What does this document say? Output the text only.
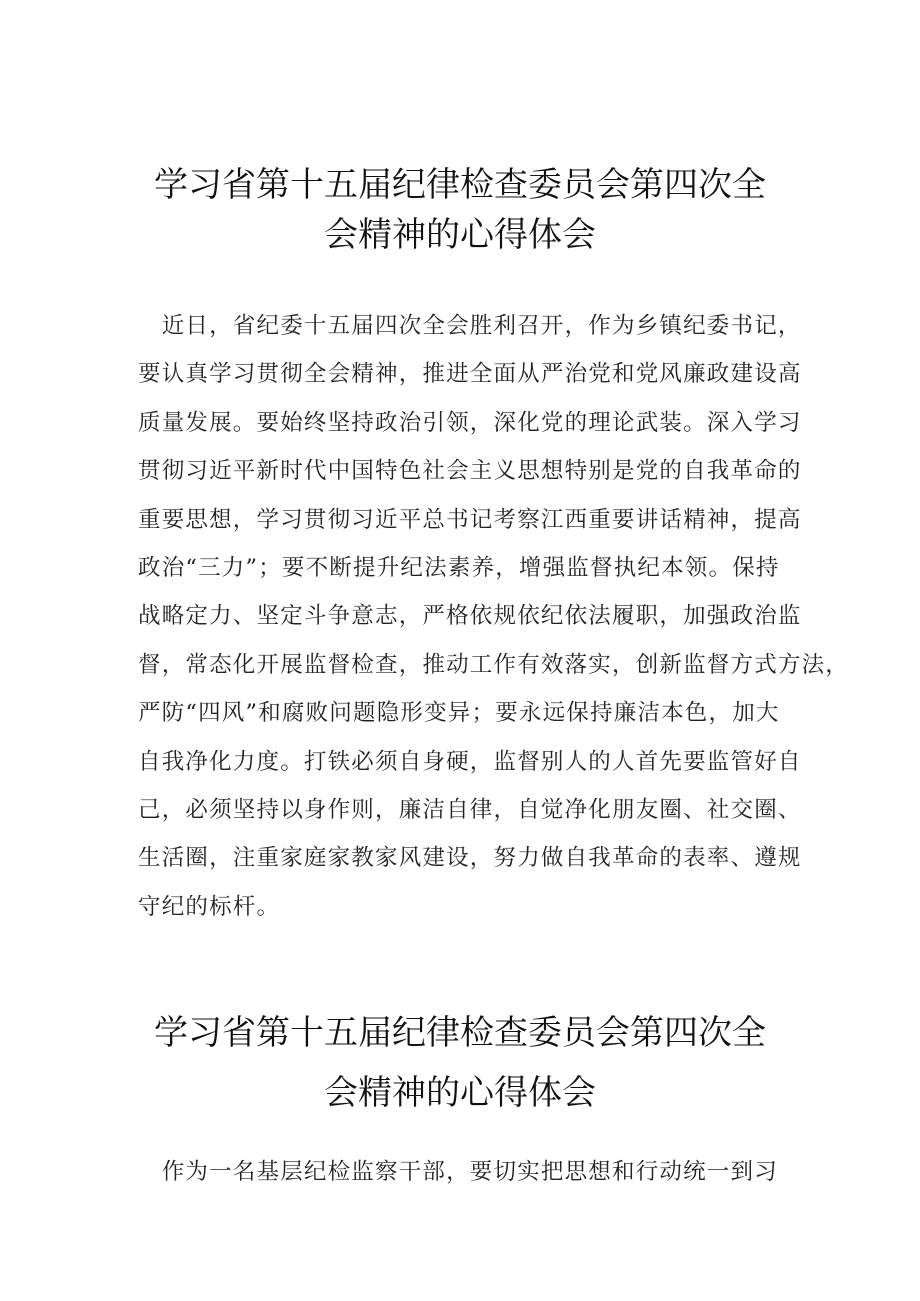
学习省第十五届纪律检查委员会第四次全
会精神的心得体会
　近日，省纪委十五届四次全会胜利召开，作为乡镇纪委书记，
要认真学习贯彻全会精神，推进全面从严治党和党风廉政建设高
质量发展。要始终坚持政治引领，深化党的理论武装。深入学习
贯彻习近平新时代中国特色社会主义思想特别是党的自我革命的
重要思想，学习贯彻习近平总书记考察江西重要讲话精神，提高
政治“三力”；要不断提升纪法素养，增强监督执纪本领。保持
战略定力、坚定斗争意志，严格依规依纪依法履职，加强政治监
督，常态化开展监督检查，推动工作有效落实，创新监督方式方法，
严防“四风”和腐败问题隐形变异；要永远保持廉洁本色，加大
自我净化力度。打铁必须自身硬，监督别人的人首先要监管好自
己，必须坚持以身作则，廉洁自律，自觉净化朋友圈、社交圈、
生活圈，注重家庭家教家风建设，努力做自我革命的表率、遵规
守纪的标杆。
学习省第十五届纪律检查委员会第四次全
会精神的心得体会
　作为一名基层纪检监察干部，要切实把思想和行动统一到习
